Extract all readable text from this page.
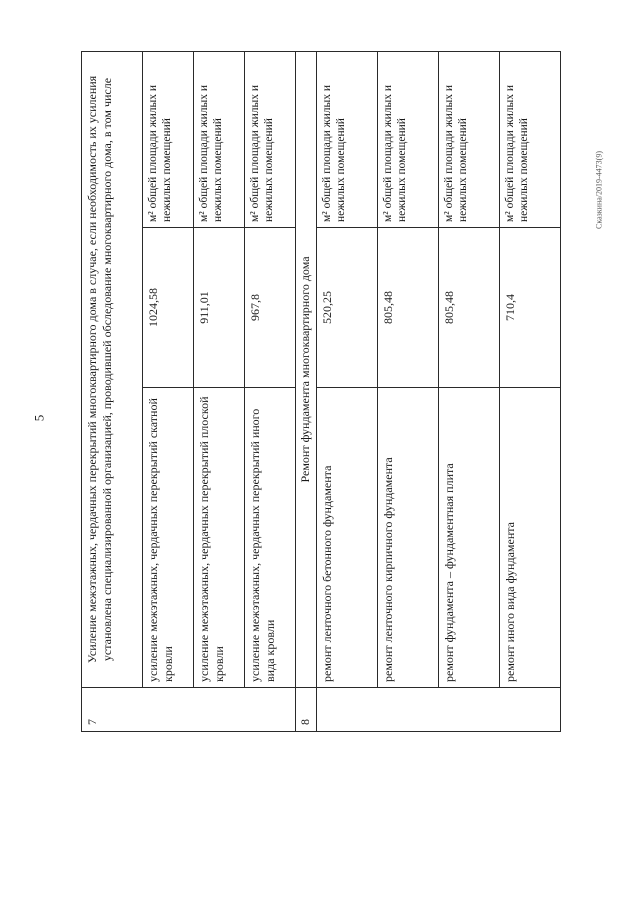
5
Сказкина/2019-4473(9)
7	Усиление межэтажных, чердачных перекрытий многоквартирного дома в случае, если необходимость их усиления установлена специализированной организацией, проводившей обследование многоквартирного дома, в том числе		
	усиление межэтажных, чердачных перекрытий скатной кровли	1024,58	м² общей площади жилых и нежилых помещений
	усиление межэтажных, чердачных перекрытий плоской кровли	911,01	м² общей площади жилых и нежилых помещений
	усиление межэтажных, чердачных перекрытий иного вида кровли	967,8	м² общей площади жилых и нежилых помещений
8	Ремонт фундамента многоквартирного дома		
	ремонт ленточного бетонного фундамента	520,25	м² общей площади жилых и нежилых помещений
	ремонт ленточного кирпичного фундамента	805,48	м² общей площади жилых и нежилых помещений
	ремонт фундамента – фундаментная плита	805,48	м² общей площади жилых и нежилых помещений
	ремонт иного вида фундамента	710,4	м² общей площади жилых и нежилых помещений
